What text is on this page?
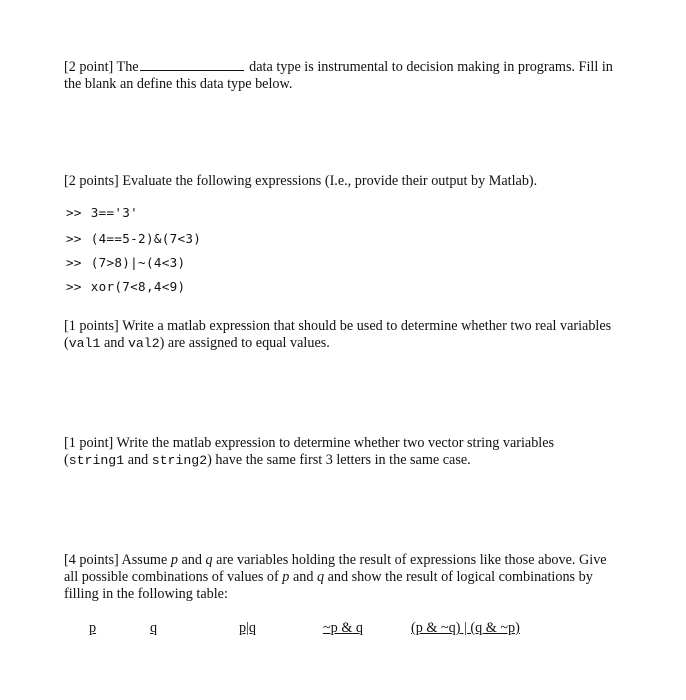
[2 point] The	data type is instrumental to decision making in programs. Fill in
the blank an define this data type below.
[2 points] Evaluate the following expressions (I.e., provide their output by Matlab).
>> 3=='3'
>> (4==5-2)&(7<3)
>> (7>8)|~(4<3)
>> xor(7<8,4<9)
[1 points] Write a matlab expression that should be used to determine whether two real variables
(val1 and val2) are assigned to equal values.
[1 point] Write the matlab expression to determine whether two vector string variables
(string1 and string2) have the same first 3 letters in the same case.
[4 points] Assume p and q are variables holding the result of expressions like those above. Give
all possible combinations of values of p and q and show the result of logical combinations by
filling in the following table:
p	q	p|q	~p & q	(p & ~q) | (q & ~p)
